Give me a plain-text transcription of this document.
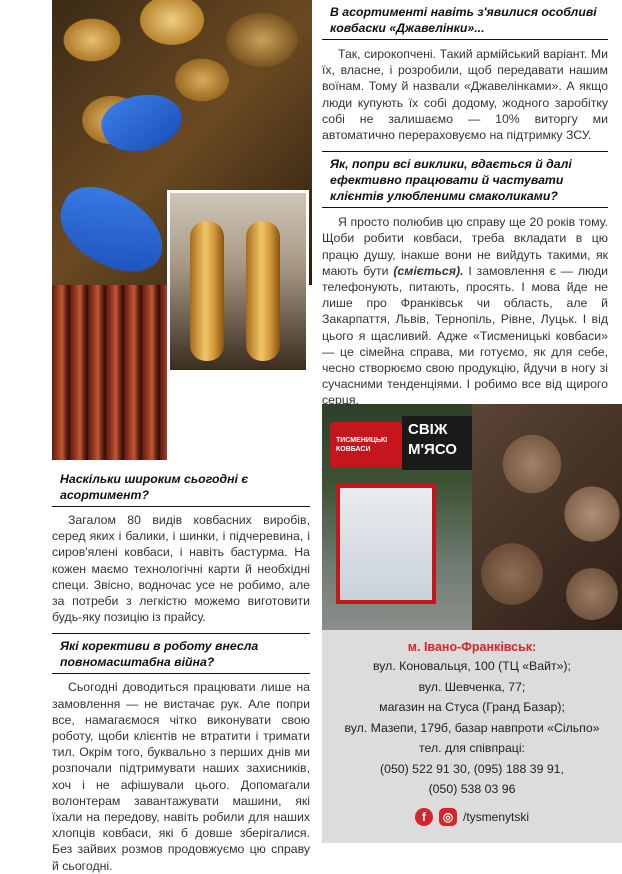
ТИСМЕНИЦЬКІ
КОВБАСИ
СВІЖ
М'ЯСО
В асортименті навіть з'явилися особливі ковбаски «Джавелінки»...

Так, сирокопчені. Такий армійський варіант. Ми їх, власне, і розробили, щоб передавати нашим воїнам. Тому й назвали «Джавелінками». А якщо люди купують їх собі додому, жодного заробітку собі не залишаємо — 10% виторгу ми автоматично перераховуємо на підтримку ЗСУ.

Як, попри всі виклики, вдається й далі ефективно працювати й частувати клієнтів улюбленими смаколиками?

Я просто полюбив цю справу ще 20 років тому. Щоби робити ковбаси, треба вкладати в цю працю душу, інакше вони не вийдуть такими, як мають бути (сміється). І замовлення є — люди телефонують, питають, просять. І мова йде не лише про Франківськ чи область, але й Закарпаття, Львів, Тернопіль, Рівне, Луцьк. І від цього я щасливий. Адже «Тисменицькі ковбаси» — це сімейна справа, ми готуємо, як для себе, чесно створюємо свою продукцію, йдучи в ногу зі сучасними тенденціями. І робимо все від щирого серця.

Наскільки широким сьогодні є асортимент?

Загалом 80 видів ковбасних виробів, серед яких і балики, і шинки, і підчеревина, і сиров'ялені ковбаси, і навіть бастурма. На кожен маємо технологічні карти й необхідні специ. Звісно, водночас усе не робимо, але за потреби з легкістю можемо виготовити будь-яку позицію із прайсу.

Які корективи в роботу внесла повномасштабна війна?

Сьогодні доводиться працювати лише на замовлення — не вистачає рук. Але попри все, намагаємося чітко виконувати свою роботу, щоби клієнтів не втратити і тримати тил. Окрім того, буквально з перших днів ми розпочали підтримувати наших захисників, хоч і не афішували цього. Допомагали волонтерам завантажувати машини, які їхали на передову, навіть робили для наших хлопців ковбаси, які б довше зберігалися. Без зайвих розмов продовжуємо цю справу й сьогодні.

м. Івано-Франківськ:
вул. Коновальця, 100 (ТЦ «Вайт»);
вул. Шевченка, 77;
магазин на Стуса (Гранд Базар);
вул. Мазепи, 179б, базар навпроти «Сільпо»
тел. для співпраці:
(050) 522 91 30, (095) 188 39 91,
(050) 538 03 96
f	◎ /tysmenytski
